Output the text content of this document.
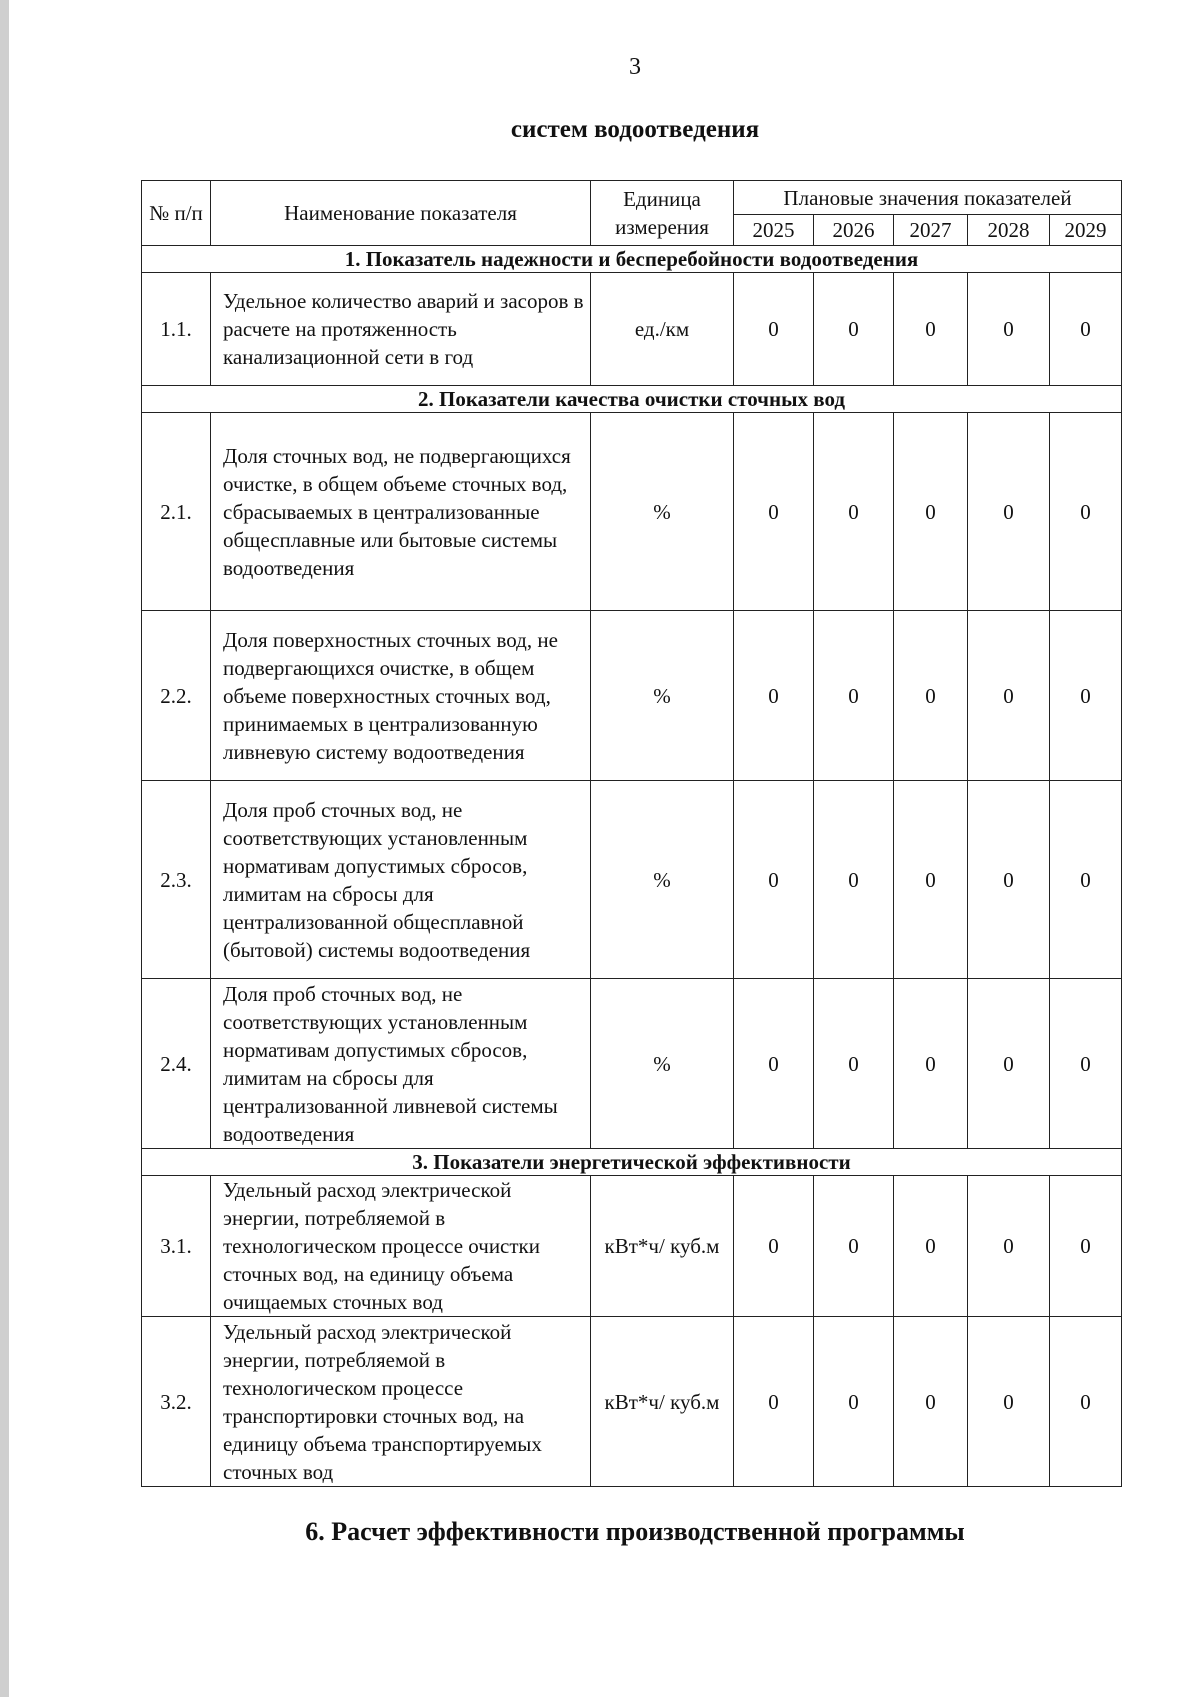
3
систем водоотведения
№ п/п	Наименование показателя	Единица измерения	Плановые значения показателей				
			2025	2026	2027	2028	2029
1. Показатель надежности и бесперебойности водоотведения							
1.1.	Удельное количество аварий и засоров в расчете на протяженность канализационной сети в год	ед./км	0	0	0	0	0
2. Показатели качества очистки сточных вод							
2.1.	Доля сточных вод, не подвергающихся очистке, в общем объеме сточных вод, сбрасываемых в централизованные общесплавные или бытовые системы водоотведения	%	0	0	0	0	0
2.2.	Доля поверхностных сточных вод, не подвергающихся очистке, в общем объеме поверхностных сточных вод, принимаемых в централизованную ливневую систему водоотведения	%	0	0	0	0	0
2.3.	Доля проб сточных вод, не соответствующих установленным нормативам допустимых сбросов, лимитам на сбросы для централизованной общесплавной (бытовой) системы водоотведения	%	0	0	0	0	0
2.4.	Доля проб сточных вод, не соответствующих установленным нормативам допустимых сбросов, лимитам на сбросы для централизованной ливневой системы водоотведения	%	0	0	0	0	0
3. Показатели энергетической эффективности							
3.1.	Удельный расход электрической энергии, потребляемой в технологическом процессе очистки сточных вод, на единицу объема очищаемых сточных вод	кВт*ч/ куб.м	0	0	0	0	0
3.2.	Удельный расход электрической энергии, потребляемой в технологическом процессе транспортировки сточных вод, на единицу объема транспортируемых сточных вод	кВт*ч/ куб.м	0	0	0	0	0
6. Расчет эффективности производственной программы
